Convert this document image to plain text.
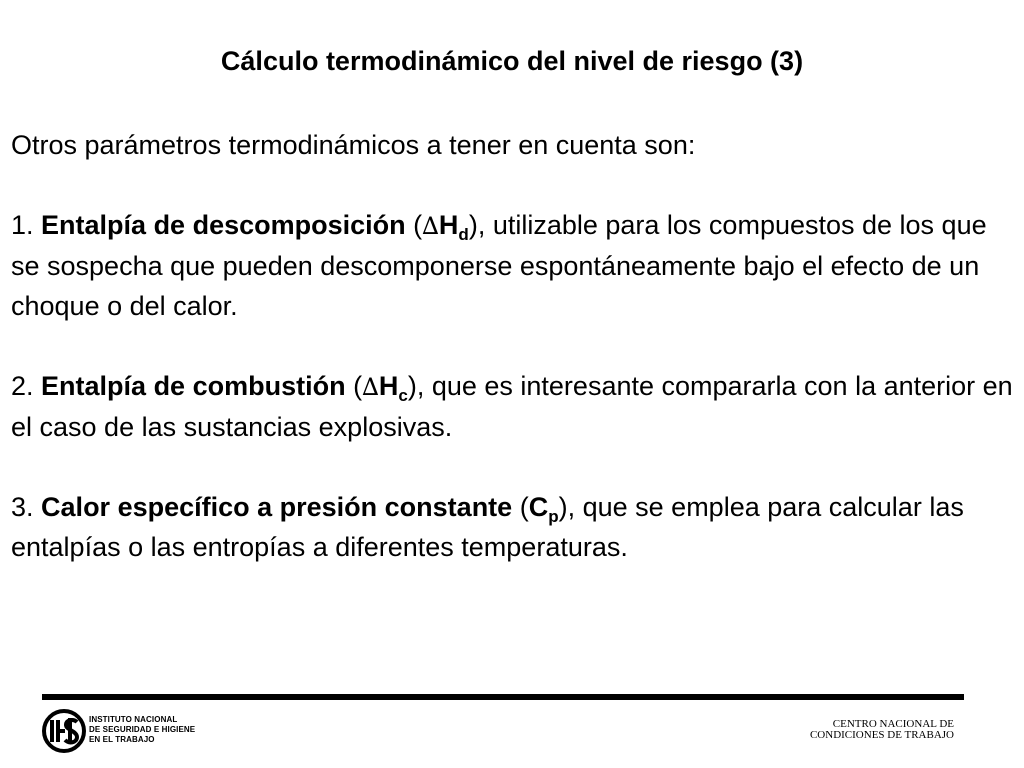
Cálculo termodinámico del nivel de riesgo (3)

Otros parámetros termodinámicos a tener en cuenta son:

1. Entalpía de descomposición $(\Delta H_d)$, utilizable para los compuestos de los que se sospecha que pueden descomponerse espontáneamente bajo el efecto de un choque o del calor.

2. Entalpía de combustión $(\Delta H_c)$, que es interesante compararla con la anterior en el caso de las sustancias explosivas.

3. Calor específico a presión constante $(C_p)$, que se emplea para calcular las entalpías o las entropías a diferentes temperaturas.

INSTITUTO NACIONAL
DE SEGURIDAD E HIGIENE
EN EL TRABAJO
CENTRO NACIONAL DE
CONDICIONES DE TRABAJO
